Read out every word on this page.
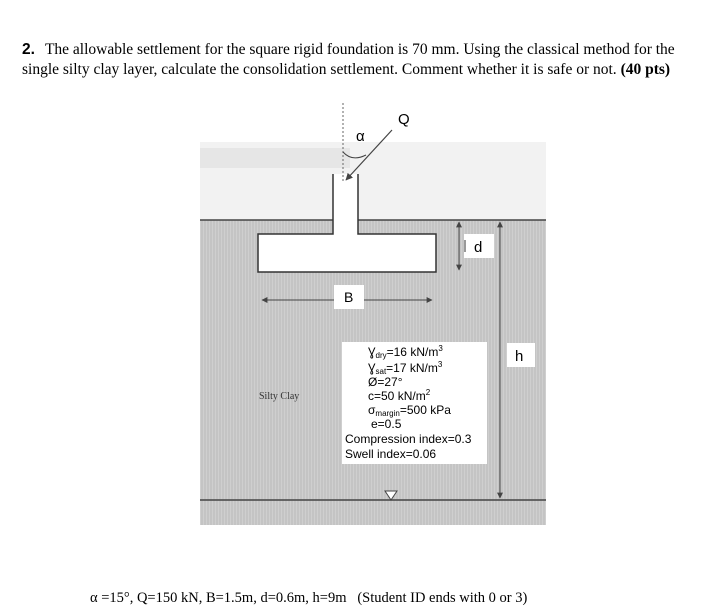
2. The allowable settlement for the square rigid foundation is 70 mm. Using the classical method for the single silty clay layer, calculate the consolidation settlement. Comment whether it is safe or not. (40 pts)
Q
α
d
B
h
Silty Clay
Ɣdry=16 $kN/m^3$
Ɣsat=17 $kN/m^3$
Ø=27°
c=50 $kN/m^2$
σmargin=500 kPa
e=0.5
Compression index=0.3
Swell index=0.06
α =15°, Q=150 kN, B=1.5m, d=0.6m, h=9m   (Student ID ends with 0 or 3)
